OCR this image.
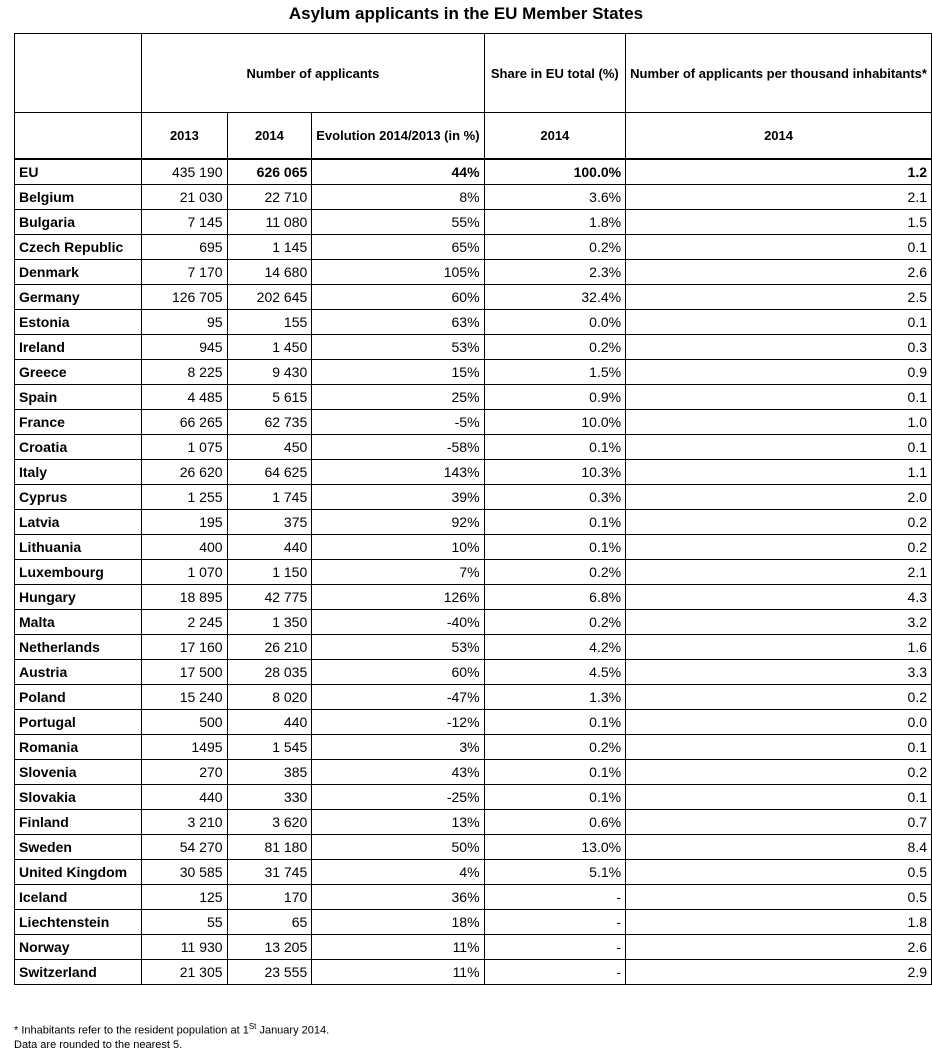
Asylum applicants in the EU Member States
	Number of applicants			Share in EU total (%)	Number of applicants per thousand inhabitants*
	2013	2014	Evolution 2014/2013 (in %)	2014	2014
EU	435 190	626 065	44%	100.0%	1.2
Belgium	21 030	22 710	8%	3.6%	2.1
Bulgaria	7 145	11 080	55%	1.8%	1.5
Czech Republic	695	1 145	65%	0.2%	0.1
Denmark	7 170	14 680	105%	2.3%	2.6
Germany	126 705	202 645	60%	32.4%	2.5
Estonia	95	155	63%	0.0%	0.1
Ireland	945	1 450	53%	0.2%	0.3
Greece	8 225	9 430	15%	1.5%	0.9
Spain	4 485	5 615	25%	0.9%	0.1
France	66 265	62 735	-5%	10.0%	1.0
Croatia	1 075	450	-58%	0.1%	0.1
Italy	26 620	64 625	143%	10.3%	1.1
Cyprus	1 255	1 745	39%	0.3%	2.0
Latvia	195	375	92%	0.1%	0.2
Lithuania	400	440	10%	0.1%	0.2
Luxembourg	1 070	1 150	7%	0.2%	2.1
Hungary	18 895	42 775	126%	6.8%	4.3
Malta	2 245	1 350	-40%	0.2%	3.2
Netherlands	17 160	26 210	53%	4.2%	1.6
Austria	17 500	28 035	60%	4.5%	3.3
Poland	15 240	8 020	-47%	1.3%	0.2
Portugal	500	440	-12%	0.1%	0.0
Romania	1495	1 545	3%	0.2%	0.1
Slovenia	270	385	43%	0.1%	0.2
Slovakia	440	330	-25%	0.1%	0.1
Finland	3 210	3 620	13%	0.6%	0.7
Sweden	54 270	81 180	50%	13.0%	8.4
United Kingdom	30 585	31 745	4%	5.1%	0.5
Iceland	125	170	36%	-	0.5
Liechtenstein	55	65	18%	-	1.8
Norway	11 930	13 205	11%	-	2.6
Switzerland	21 305	23 555	11%	-	2.9
* Inhabitants refer to the resident population at 1St January 2014.
Data are rounded to the nearest 5.
